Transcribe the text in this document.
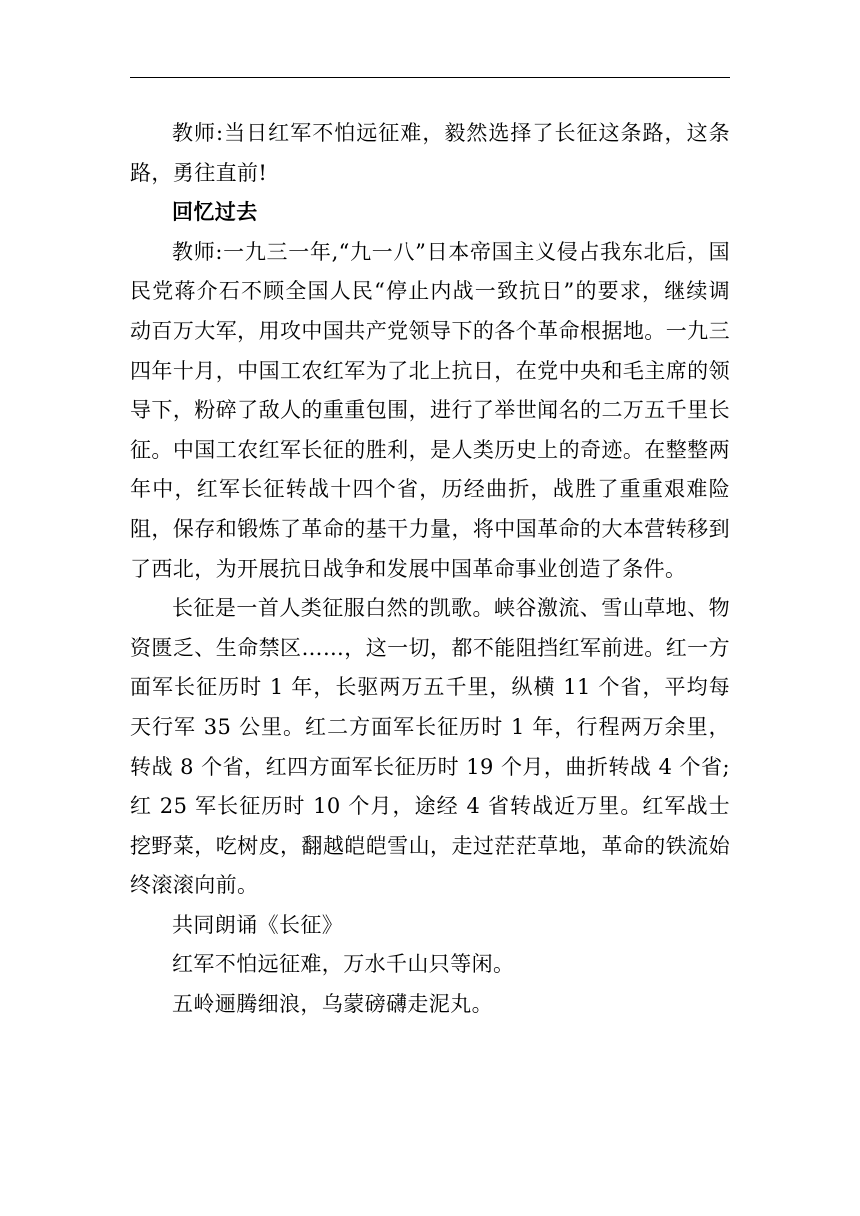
教师:当日红军不怕远征难，毅然选择了长征这条路，这条路，勇往直前!

回忆过去

教师:一九三一年,“九一八”日本帝国主义侵占我东北后，国民党蒋介石不顾全国人民“停止内战一致抗日”的要求，继续调动百万大军，用攻中国共产党领导下的各个革命根据地。一九三四年十月，中国工农红军为了北上抗日，在党中央和毛主席的领导下，粉碎了敌人的重重包围，进行了举世闻名的二万五千里长征。中国工农红军长征的胜利，是人类历史上的奇迹。在整整两年中，红军长征转战十四个省，历经曲折，战胜了重重艰难险阻，保存和锻炼了革命的基干力量，将中国革命的大本营转移到了西北，为开展抗日战争和发展中国革命事业创造了条件。

长征是一首人类征服白然的凯歌。峡谷激流、雪山草地、物资匮乏、生命禁区……，这一切，都不能阻挡红军前进。红一方面军长征历时 1 年，长驱两万五千里，纵横 11 个省，平均每天行军 35 公里。红二方面军长征历时 1 年，行程两万余里，转战 8 个省，红四方面军长征历时 19 个月，曲折转战 4 个省;红 25 军长征历时 10 个月，途经 4 省转战近万里。红军战士挖野菜，吃树皮，翻越皑皑雪山，走过茫茫草地，革命的铁流始终滚滚向前。

共同朗诵《长征》

红军不怕远征难，万水千山只等闲。

五岭逦腾细浪，乌蒙磅礴走泥丸。
